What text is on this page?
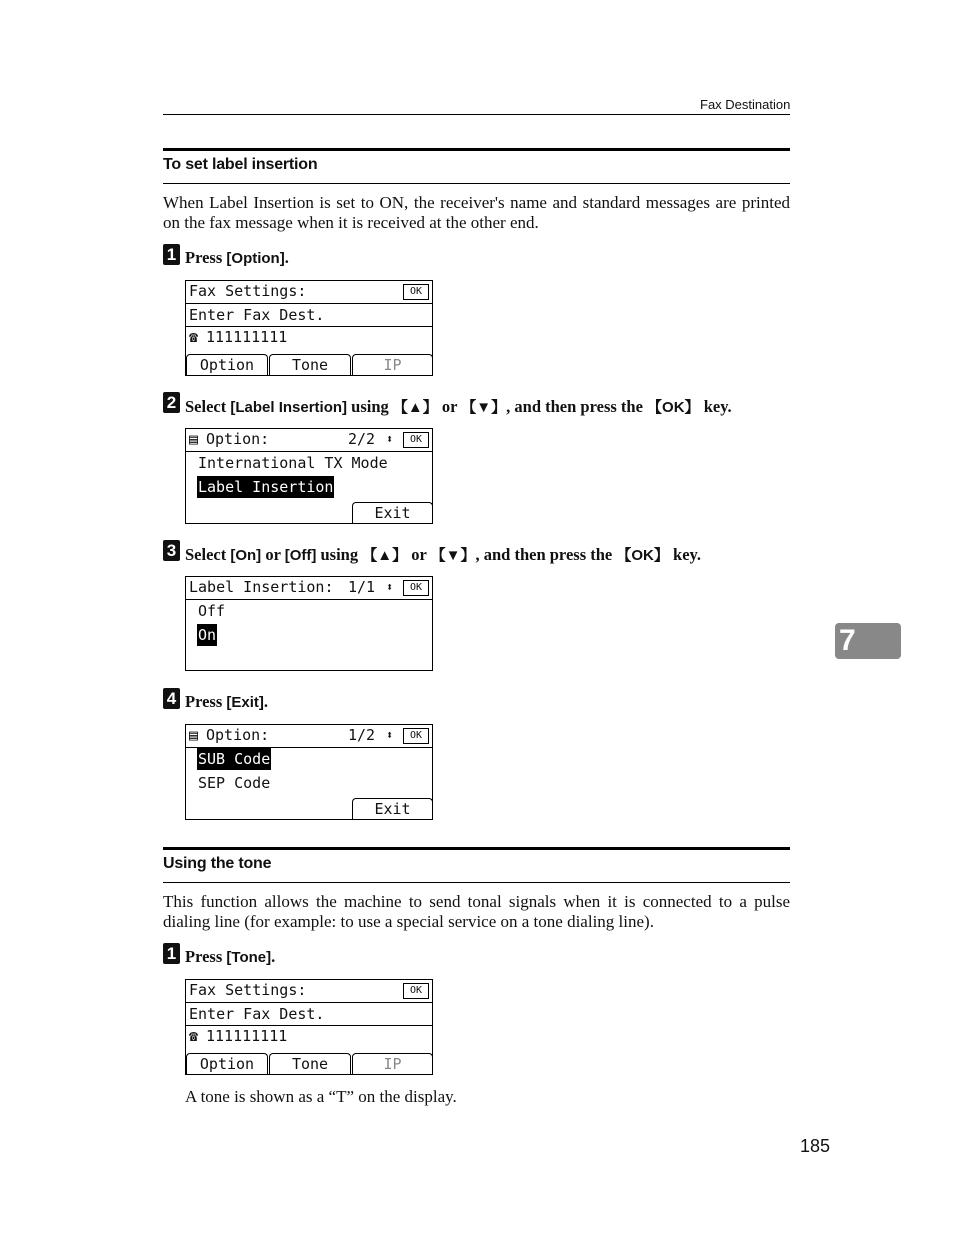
Fax Destination
To set label insertion
When Label Insertion is set to ON, the receiver's name and standard messages are printed on the fax message when it is received at the other end.
1 Press [Option].
Fax Settings:	OK
Enter Fax Dest.
☎ 111111111
Option	Tone	IP
2 Select [Label Insertion] using 【▲】 or 【▼】, and then press the 【OK】 key.
▤ Option:	2/2 ⬍	OK
International TX Mode
Label Insertion
Exit
3 Select [On] or [Off] using 【▲】 or 【▼】, and then press the 【OK】 key.
Label Insertion: 1/1 ⬍	OK
Off
On
4 Press [Exit].
▤ Option:	1/2 ⬍	OK
SUB Code
SEP Code
Exit
Using the tone
This function allows the machine to send tonal signals when it is connected to a pulse dialing line (for example: to use a special service on a tone dialing line).
1 Press [Tone].
Fax Settings:	OK
Enter Fax Dest.
☎ 111111111
Option	Tone	IP
A tone is shown as a “T” on the display.
7
185
